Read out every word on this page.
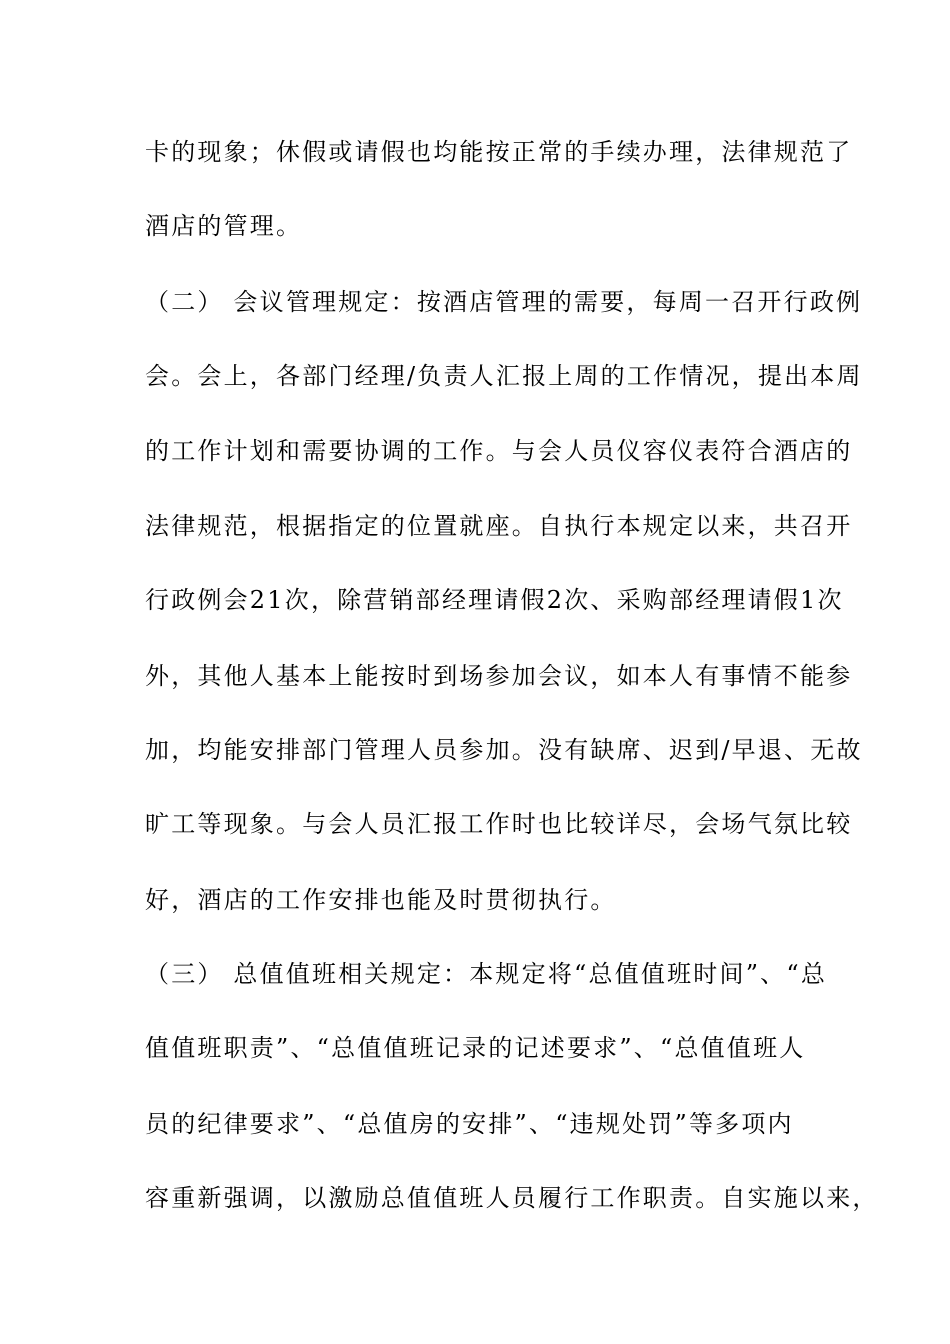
卡的现象；休假或请假也均能按正常的手续办理，法律规范了
酒店的管理。
（二） 会议管理规定：按酒店管理的需要，每周一召开行政例
会。会上，各部门经理/负责人汇报上周的工作情况，提出本周
的工作计划和需要协调的工作。与会人员仪容仪表符合酒店的
法律规范，根据指定的位置就座。自执行本规定以来，共召开
行政例会21次，除营销部经理请假2次、采购部经理请假1次
外，其他人基本上能按时到场参加会议，如本人有事情不能参
加，均能安排部门管理人员参加。没有缺席、迟到/早退、无故
旷工等现象。与会人员汇报工作时也比较详尽，会场气氛比较
好，酒店的工作安排也能及时贯彻执行。
（三） 总值值班相关规定：本规定将“总值值班时间”、“总
值值班职责”、“总值值班记录的记述要求”、“总值值班人
员的纪律要求”、“总值房的安排”、“违规处罚”等多项内
容重新强调，以激励总值值班人员履行工作职责。自实施以来，
